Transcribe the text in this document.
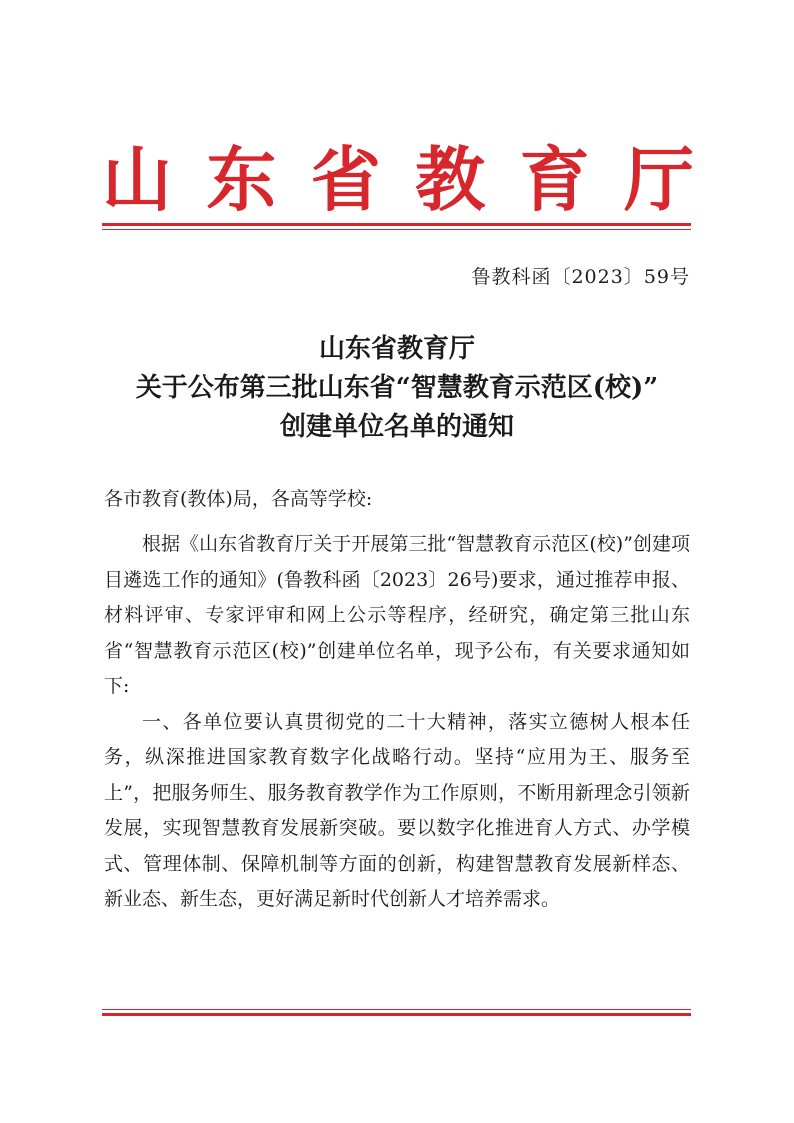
山 东 省 教 育 厅
鲁教科函〔2023〕59号
山东省教育厅
关于公布第三批山东省“智慧教育示范区(校)”
创建单位名单的通知
各市教育(教体)局，各高等学校:

根据《山东省教育厅关于开展第三批“智慧教育示范区(校)”创建项目遴选工作的通知》(鲁教科函〔2023〕26号)要求，通过推荐申报、材料评审、专家评审和网上公示等程序，经研究，确定第三批山东省“智慧教育示范区(校)”创建单位名单，现予公布，有关要求通知如下:

一、各单位要认真贯彻党的二十大精神，落实立德树人根本任务，纵深推进国家教育数字化战略行动。坚持“应用为王、服务至上”，把服务师生、服务教育教学作为工作原则，不断用新理念引领新发展，实现智慧教育发展新突破。要以数字化推进育人方式、办学模式、管理体制、保障机制等方面的创新，构建智慧教育发展新样态、新业态、新生态，更好满足新时代创新人才培养需求。
